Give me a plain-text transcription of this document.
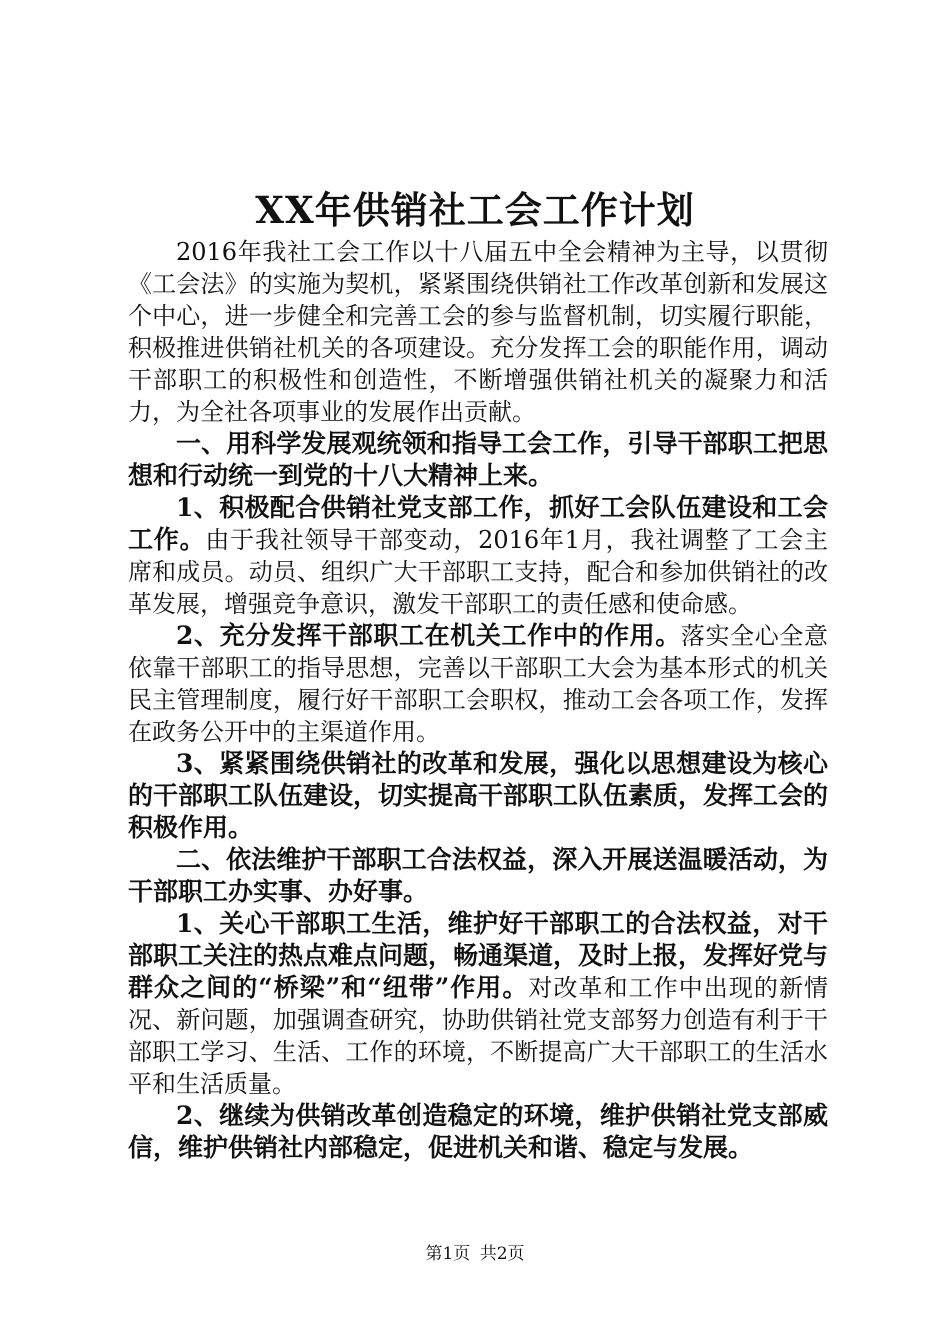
XX年供销社工会工作计划

2016年我社工会工作以十八届五中全会精神为主导，以贯彻《工会法》的实施为契机，紧紧围绕供销社工作改革创新和发展这个中心，进一步健全和完善工会的参与监督机制，切实履行职能，积极推进供销社机关的各项建设。充分发挥工会的职能作用，调动干部职工的积极性和创造性，不断增强供销社机关的凝聚力和活力，为全社各项事业的发展作出贡献。

一、用科学发展观统领和指导工会工作，引导干部职工把思想和行动统一到党的十八大精神上来。

1、积极配合供销社党支部工作，抓好工会队伍建设和工会工作。由于我社领导干部变动，2016年1月，我社调整了工会主席和成员。动员、组织广大干部职工支持，配合和参加供销社的改革发展，增强竞争意识，激发干部职工的责任感和使命感。

2、充分发挥干部职工在机关工作中的作用。落实全心全意依靠干部职工的指导思想，完善以干部职工大会为基本形式的机关民主管理制度，履行好干部职工会职权，推动工会各项工作，发挥在政务公开中的主渠道作用。

3、紧紧围绕供销社的改革和发展，强化以思想建设为核心的干部职工队伍建设，切实提高干部职工队伍素质，发挥工会的积极作用。

二、依法维护干部职工合法权益，深入开展送温暖活动，为干部职工办实事、办好事。

1、关心干部职工生活，维护好干部职工的合法权益，对干部职工关注的热点难点问题，畅通渠道，及时上报，发挥好党与群众之间的“桥梁”和“纽带”作用。对改革和工作中出现的新情况、新问题，加强调查研究，协助供销社党支部努力创造有利于干部职工学习、生活、工作的环境，不断提高广大干部职工的生活水平和生活质量。

2、继续为供销改革创造稳定的环境，维护供销社党支部威信，维护供销社内部稳定，促进机关和谐、稳定与发展。

第1页 共2页
